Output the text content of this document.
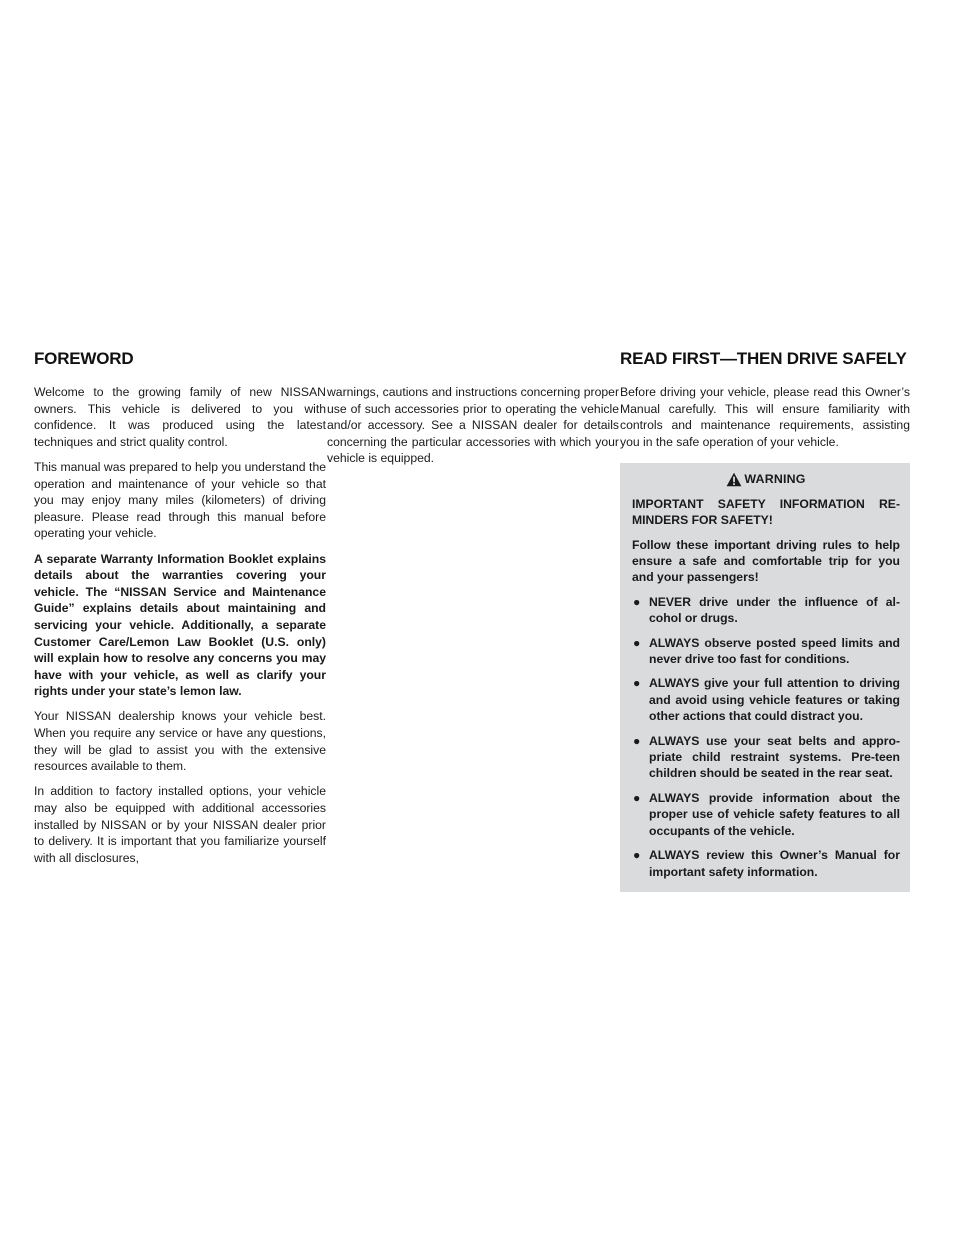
FOREWORD	READ FIRST—THEN DRIVE SAFELY

Welcome to the growing family of new NISSAN owners. This vehicle is delivered to you with confidence. It was produced using the latest techniques and strict quality control.

This manual was prepared to help you understand the operation and maintenance of your vehicle so that you may enjoy many miles (kilometers) of driving pleasure. Please read through this manual before operating your vehicle.

A separate Warranty Information Booklet explains details about the warranties covering your vehicle. The “NISSAN Service and Maintenance Guide” explains details about maintaining and servicing your vehicle. Additionally, a separate Customer Care/Lemon Law Booklet (U.S. only) will explain how to resolve any concerns you may have with your vehicle, as well as clarify your rights under your state’s lemon law.

Your NISSAN dealership knows your vehicle best. When you require any service or have any questions, they will be glad to assist you with the extensive resources available to them.

In addition to factory installed options, your vehicle may also be equipped with additional accessories installed by NISSAN or by your NISSAN dealer prior to delivery. It is important that you familiarize yourself with all disclosures,

warnings, cautions and instructions concerning proper use of such accessories prior to operating the vehicle and/or accessory. See a NISSAN dealer for details concerning the particular accessories with which your vehicle is equipped.

Before driving your vehicle, please read this Owner’s Manual carefully. This will ensure familiarity with controls and maintenance requirements, assisting you in the safe operation of your vehicle.

WARNING

IMPORTANT SAFETY INFORMATION REMINDERS FOR SAFETY!

Follow these important driving rules to help ensure a safe and comfortable trip for you and your passengers!

● NEVER drive under the influence of alcohol or drugs.
● ALWAYS observe posted speed limits and never drive too fast for conditions.
● ALWAYS give your full attention to driving and avoid using vehicle features or taking other actions that could distract you.
● ALWAYS use your seat belts and appropriate child restraint systems. Pre-teen children should be seated in the rear seat.
● ALWAYS provide information about the proper use of vehicle safety features to all occupants of the vehicle.
● ALWAYS review this Owner’s Manual for important safety information.
